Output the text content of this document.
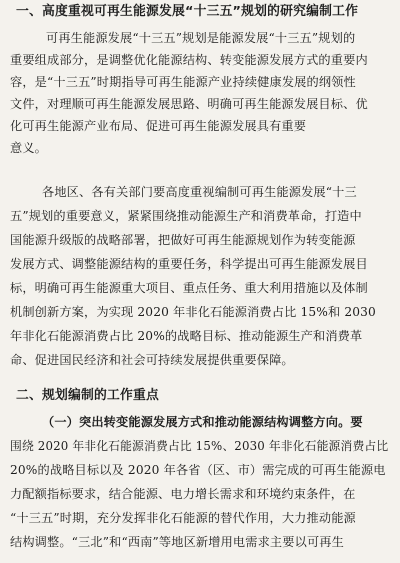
一、高度重视可再生能源发展“十三五”规划的研究编制工作
可再生能源发展“十三五”规划是能源发展“十三五”规划的
重要组成部分，是调整优化能源结构、转变能源发展方式的重要内
容，是“十三五”时期指导可再生能源产业持续健康发展的纲领性
文件，对理顺可再生能源发展思路、明确可再生能源发展目标、优
化可再生能源产业布局、促进可再生能源发展具有重要
意义。
各地区、各有关部门要高度重视编制可再生能源发展“十三
五”规划的重要意义，紧紧围绕推动能源生产和消费革命，打造中
国能源升级版的战略部署，把做好可再生能源规划作为转变能源
发展方式、调整能源结构的重要任务，科学提出可再生能源发展目
标，明确可再生能源重大项目、重点任务、重大利用措施以及体制
机制创新方案，为实现 2020 年非化石能源消费占比 15%和 2030
年非化石能源消费占比 20%的战略目标、推动能源生产和消费革
命、促进国民经济和社会可持续发展提供重要保障。
二、规划编制的工作重点
（一）突出转变能源发展方式和推动能源结构调整方向。要
围绕 2020 年非化石能源消费占比 15%、2030 年非化石能源消费占比
20%的战略目标以及 2020 年各省（区、市）需完成的可再生能源电
力配额指标要求，结合能源、电力增长需求和环境约束条件，在
“十三五”时期，充分发挥非化石能源的替代作用，大力推动能源
结构调整。“三北”和“西南”等地区新增用电需求主要以可再生
